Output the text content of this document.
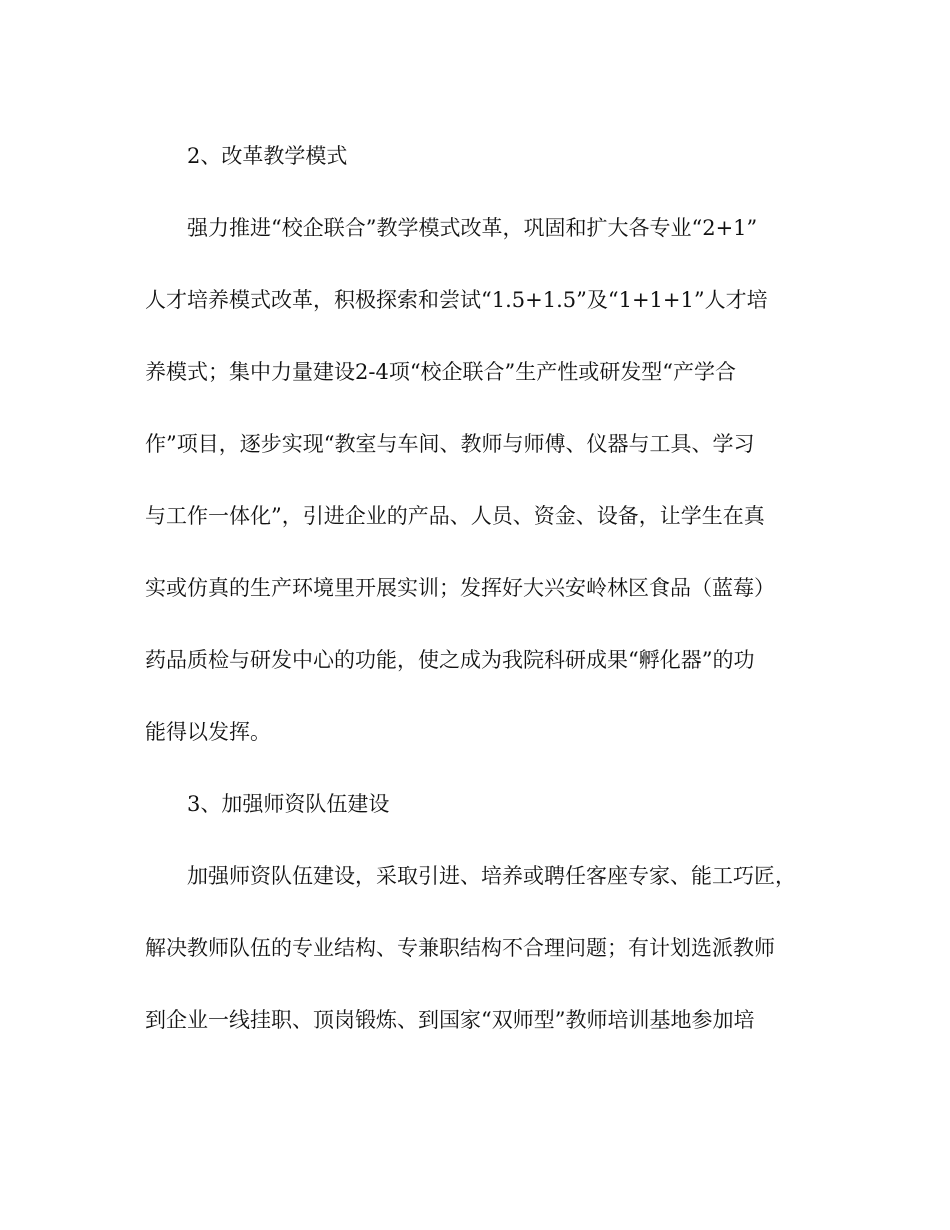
2、改革教学模式
强力推进“校企联合”教学模式改革，巩固和扩大各专业“2+1”
人才培养模式改革，积极探索和尝试“1.5+1.5”及“1+1+1”人才培
养模式；集中力量建设2-4项“校企联合”生产性或研发型“产学合
作”项目，逐步实现“教室与车间、教师与师傅、仪器与工具、学习
与工作一体化”，引进企业的产品、人员、资金、设备，让学生在真
实或仿真的生产环境里开展实训；发挥好大兴安岭林区食品（蓝莓）
药品质检与研发中心的功能，使之成为我院科研成果“孵化器”的功
能得以发挥。
3、加强师资队伍建设
加强师资队伍建设，采取引进、培养或聘任客座专家、能工巧匠，
解决教师队伍的专业结构、专兼职结构不合理问题；有计划选派教师
到企业一线挂职、顶岗锻炼、到国家“双师型”教师培训基地参加培
